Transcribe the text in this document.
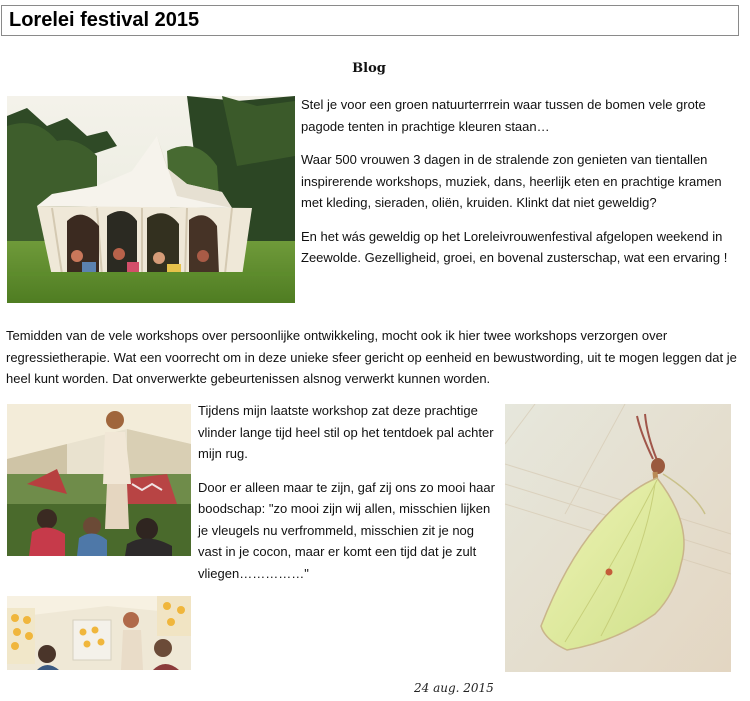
Lorelei festival 2015
Blog

Stel je voor een groen natuurterrrein waar tussen de bomen vele grote pagode tenten in prachtige kleuren staan…

Waar 500 vrouwen 3 dagen in de stralende zon genieten van tientallen inspirerende workshops, muziek, dans, heerlijk eten en prachtige kramen met kleding, sieraden, oliën, kruiden. Klinkt dat niet geweldig?

En het wás geweldig op het Loreleivrouwenfestival afgelopen weekend in Zeewolde. Gezelligheid, groei, en bovenal zusterschap, wat een ervaring !

Temidden van de vele workshops over persoonlijke ontwikkeling, mocht ook ik hier twee workshops verzorgen over regressietherapie. Wat een voorrecht om in deze unieke sfeer gericht op eenheid en bewustwording, uit te mogen leggen dat je heel kunt worden. Dat onverwerkte gebeurtenissen alsnog verwerkt kunnen worden.

Tijdens mijn laatste workshop zat deze prachtige vlinder lange tijd heel stil op het tentdoek pal achter mijn rug.

Door er alleen maar te zijn, gaf zij ons zo mooi haar boodschap: "zo mooi zijn wij allen, misschien lijken je vleugels nu verfrommeld, misschien zit je nog vast in je cocon, maar er komt een tijd dat je zult vliegen……………"

24 aug. 2015
